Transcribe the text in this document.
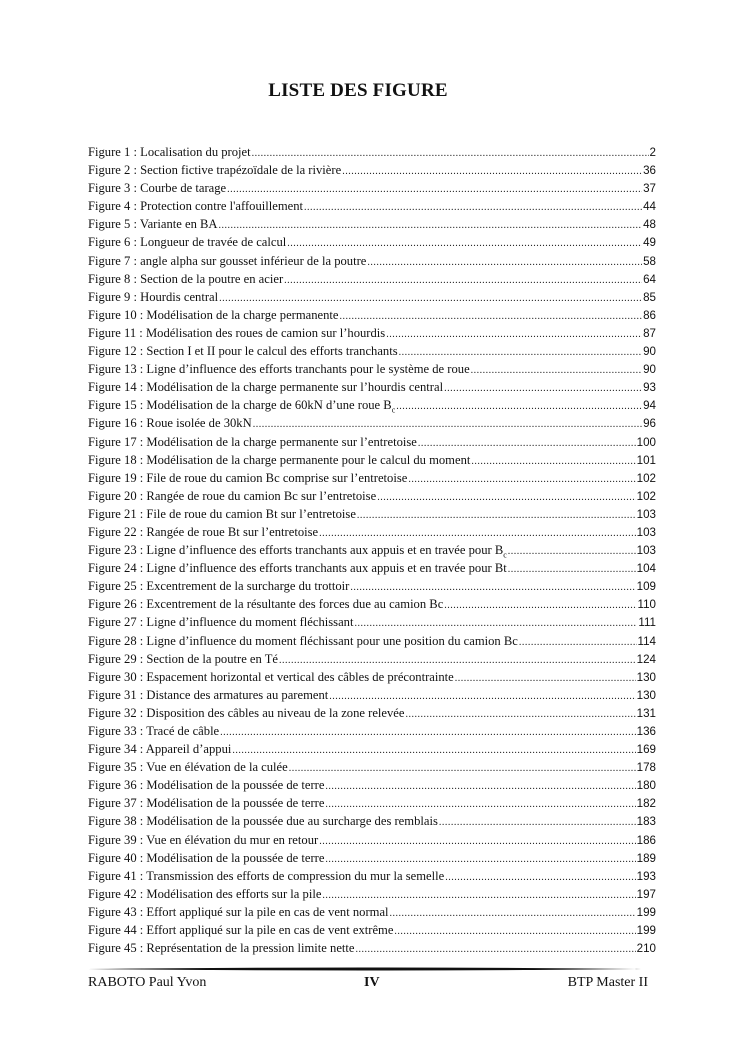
LISTE DES FIGURE
Figure 1 : Localisation du projet .....	2
Figure 2 : Section fictive trapézoïdale de la rivière .....	36
Figure 3 : Courbe de tarage .....	37
Figure 4 : Protection contre l'affouillement .....	44
Figure 5 : Variante en BA .....	48
Figure 6 : Longueur de travée de calcul .....	49
Figure 7 : angle alpha sur gousset inférieur de la poutre .....	58
Figure 8 : Section de la poutre en acier .....	64
Figure 9 : Hourdis central .....	85
Figure 10 : Modélisation de la charge permanente .....	86
Figure 11 : Modélisation des roues de camion sur l’hourdis .....	87
Figure 12 : Section I et II pour le calcul des efforts tranchants .....	90
Figure 13 : Ligne d’influence des efforts tranchants pour le système de roue .....	90
Figure 14 : Modélisation de la charge permanente sur l’hourdis central .....	93
Figure 15 : Modélisation de la charge de 60kN d’une roue $B_c$ .....	94
Figure 16 : Roue isolée de 30kN .....	96
Figure 17 : Modélisation de la charge permanente sur l’entretoise .....	100
Figure 18 : Modélisation de la charge permanente pour le calcul du moment .....	101
Figure 19 : File de roue du camion Bc comprise sur l’entretoise .....	102
Figure 20 : Rangée de roue du camion Bc sur l’entretoise .....	102
Figure 21 : File de roue du camion Bt sur l’entretoise .....	103
Figure 22 : Rangée de roue Bt sur l’entretoise .....	103
Figure 23 : Ligne d’influence des efforts tranchants aux appuis et en travée pour $B_c$ .....	103
Figure 24 : Ligne d’influence des efforts tranchants aux appuis et en travée pour Bt .....	104
Figure 25 : Excentrement de la surcharge du trottoir .....	109
Figure 26 : Excentrement de la résultante des forces due au camion Bc .....	110
Figure 27 : Ligne d’influence du moment fléchissant .....	111
Figure 28 : Ligne d’influence du moment fléchissant pour une position du camion Bc .....	114
Figure 29 : Section de la poutre en Té .....	124
Figure 30 : Espacement horizontal et vertical des câbles de précontrainte .....	130
Figure 31 : Distance des armatures au parement .....	130
Figure 32 : Disposition des câbles au niveau de la zone relevée .....	131
Figure 33 : Tracé de câble .....	136
Figure 34 : Appareil d’appui .....	169
Figure 35 : Vue en élévation de la culée .....	178
Figure 36 : Modélisation de la poussée de terre .....	180
Figure 37 : Modélisation de la poussée de terre .....	182
Figure 38 : Modélisation de la poussée due au surcharge des remblais .....	183
Figure 39 : Vue en élévation du mur en retour .....	186
Figure 40 : Modélisation de la poussée de terre .....	189
Figure 41 : Transmission des efforts de compression du mur la semelle .....	193
Figure 42 : Modélisation des efforts sur la pile .....	197
Figure 43 : Effort appliqué sur la pile en cas de vent normal .....	199
Figure 44 : Effort appliqué sur la pile en cas de vent extrême .....	199
Figure 45 : Représentation de la pression limite nette .....	210
RABOTO Paul Yvon	IV	BTP Master II
